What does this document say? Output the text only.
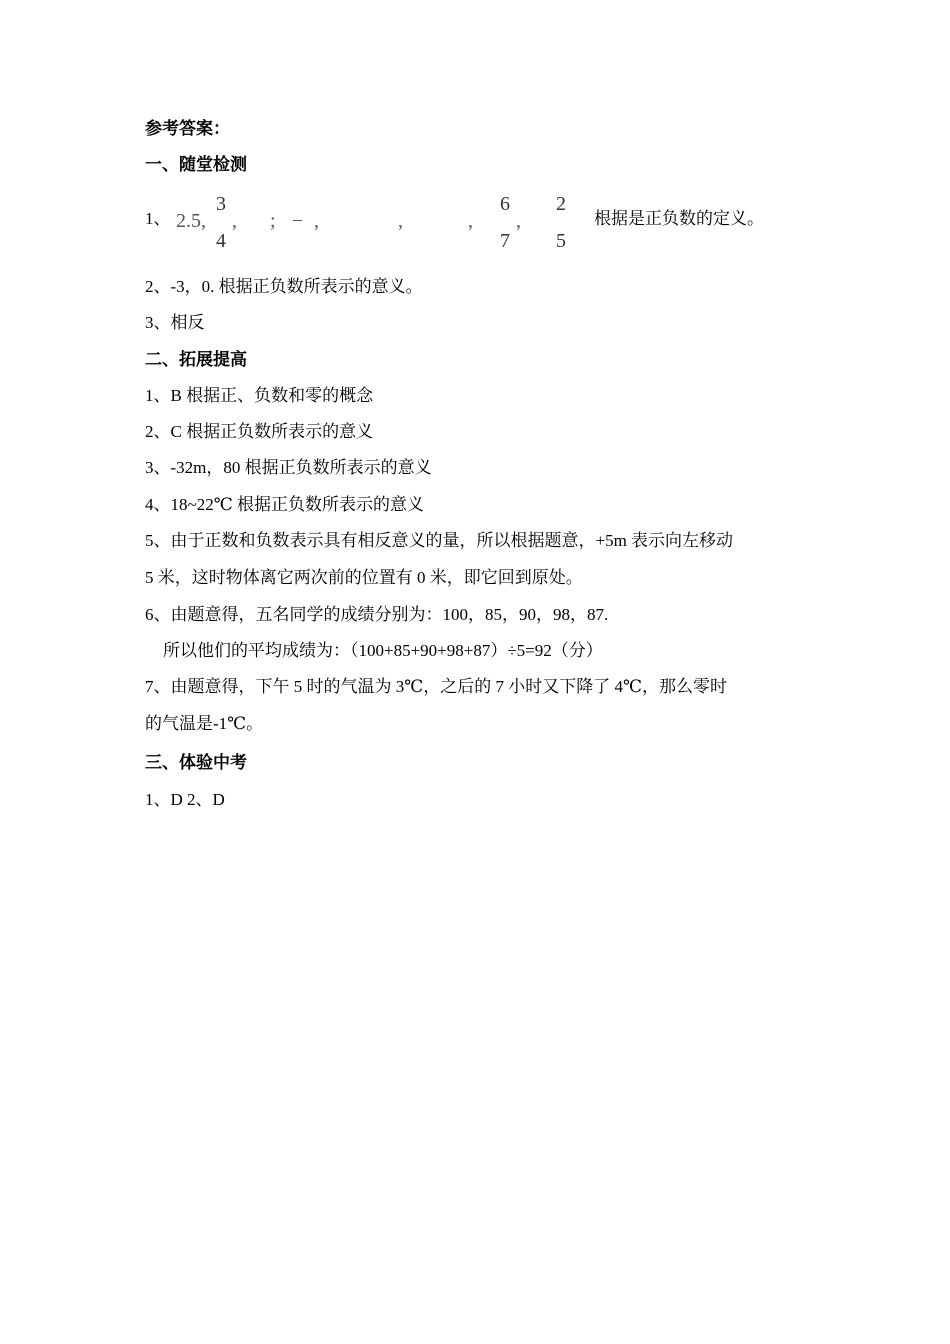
参考答案：
一、随堂检测
1、 2.5,
3
4
, ; − ,	,	,
6
7
,
2
5
根据是正负数的定义。
2、-3，0. 根据正负数所表示的意义。
3、相反
二、拓展提高
1、B 根据正、负数和零的概念
2、C 根据正负数所表示的意义
3、-32m，80 根据正负数所表示的意义
4、18~22℃ 根据正负数所表示的意义
5、由于正数和负数表示具有相反意义的量，所以根据题意，+5m 表示向左移动
5 米，这时物体离它两次前的位置有 0 米，即它回到原处。
6、由题意得，五名同学的成绩分别为：100，85，90，98，87.
所以他们的平均成绩为：（100+85+90+98+87）÷5=92（分）
7、由题意得，下午 5 时的气温为 3℃，之后的 7 小时又下降了 4℃，那么零时
的气温是-1℃。
三、体验中考
1、D 2、D
